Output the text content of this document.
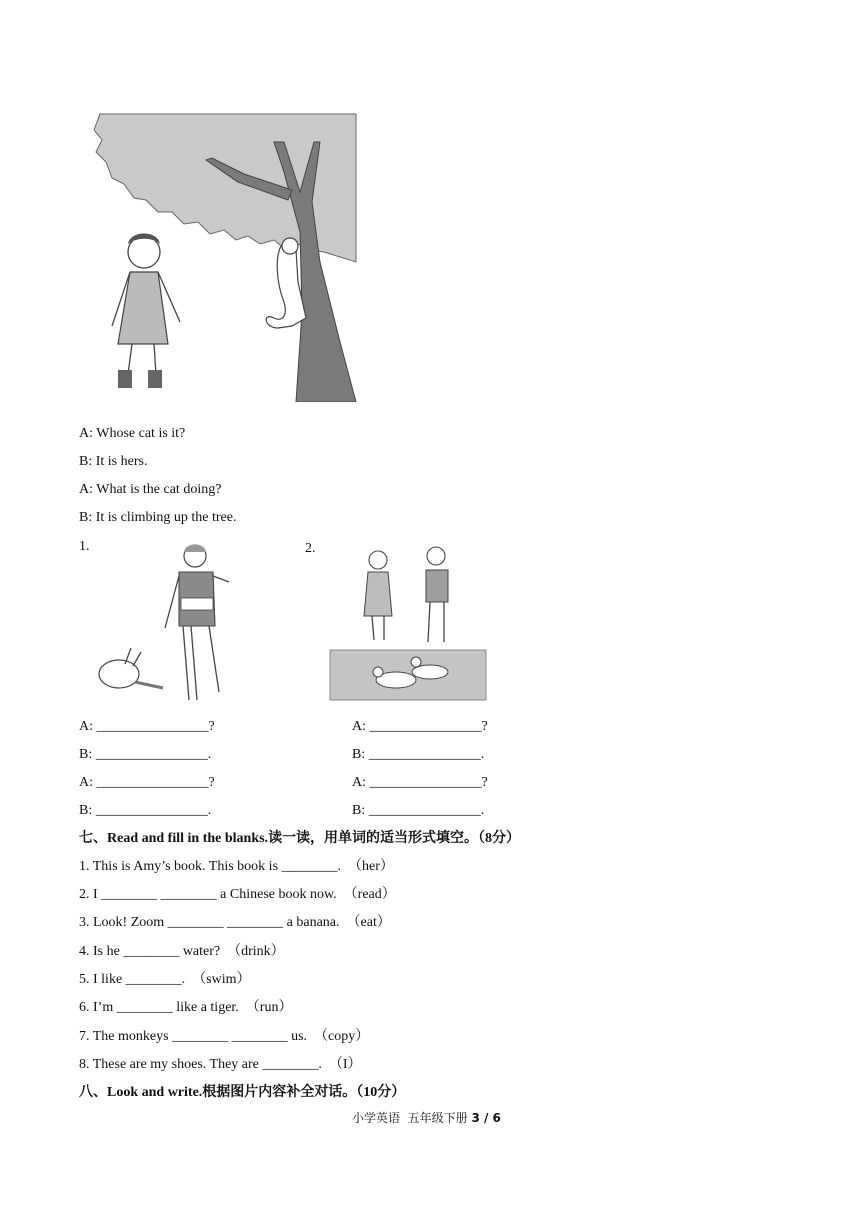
A: Whose cat is it?
B: It is hers.
A: What is the cat doing?
B: It is climbing up the tree.
1.	2.
A: ________________?
B: ________________.
A: ________________?
B: ________________.
A: ________________?
B: ________________.
A: ________________?
B: ________________.
七、Read and fill in the blanks.读一读，用单词的适当形式填空。（8分）
1. This is Amy’s book. This book is ________.  （her）
2. I ________ ________ a Chinese book now.  （read）
3. Look! Zoom ________ ________ a banana.  （eat）
4. Is he ________ water?  （drink）
5. I like ________.  （swim）
6. I’m ________ like a tiger.  （run）
7. The monkeys ________ ________ us.  （copy）
8. These are my shoes. They are ________.  （I）
八、Look and write.根据图片内容补全对话。（10分）
小学英语  五年级下册 3 / 6
